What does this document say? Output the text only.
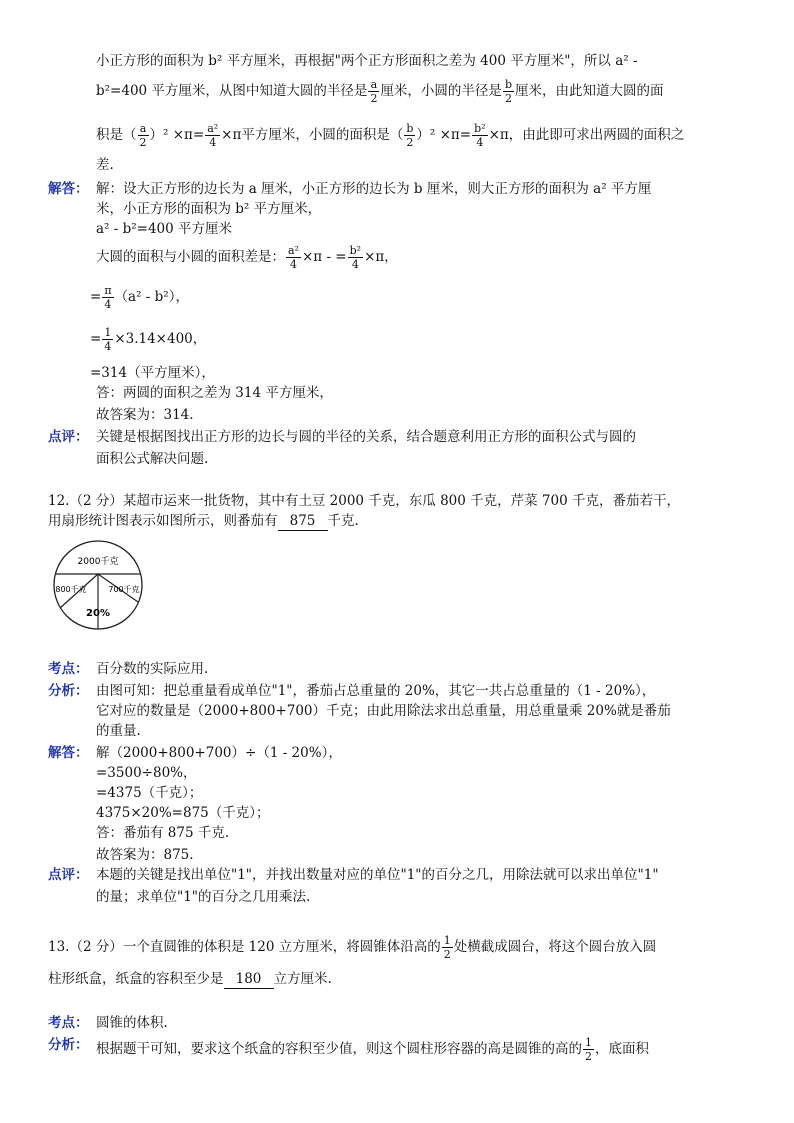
小正方形的面积为 b² 平方厘米，再根据"两个正方形面积之差为 400 平方厘米"，所以 a² -
b²=400 平方厘米，从图中知道大圆的半径是 $\frac{a}{2}$ 厘米，小圆的半径是 $\frac{b}{2}$ 厘米，由此知道大圆的面
积是（ $\frac{a}{2} )^2 \times\pi= \frac{\text{a²}}{4} \times\pi$平方厘米，小圆的面积是（ $\frac{b}{2} )^2 \times\pi= \frac{\text{b²}}{4} \times\pi$，由此即可求出两圆的面积之
差.
解答： 解：设大正方形的边长为 a 厘米，小正方形的边长为 b 厘米，则大正方形的面积为 a² 平方厘
米，小正方形的面积为 b² 平方厘米，
a² - b²=400 平方厘米
大圆的面积与小圆的面积差是： $\frac{\text{a²}}{4} \times\pi$ - = $\frac{\text{b²}}{4} \times\pi$，
= $\frac{\pi}{4} (a^2 - b^2)$，
= $\frac{1}{4} \times 3.14\times 400$，
=314（平方厘米），
答：两圆的面积之差为 314 平方厘米，
故答案为：314.
点评： 关键是根据图找出正方形的边长与圆的半径的关系，结合题意利用正方形的面积公式与圆的
面积公式解决问题.
12.（2 分）某超市运来一批货物，其中有土豆 2000 千克，东瓜 800 千克，芹菜 700 千克，番茄若干，
用扇形统计图表示如图所示，则番茄有 875 千克.
2000千克
800千克	700千克
20%
考点： 百分数的实际应用.
分析： 由图可知：把总重量看成单位"1"，番茄占总重量的 20%，其它一共占总重量的（1 - 20%），
它对应的数量是（2000+800+700）千克；由此用除法求出总重量，用总重量乘 20%就是番茄
的重量.
解答： 解（2000+800+700）÷（1 - 20%），
=3500÷80%，
=4375（千克）；
4375×20%=875（千克）；
答：番茄有 875 千克.
故答案为：875.
点评： 本题的关键是找出单位"1"，并找出数量对应的单位"1"的百分之几，用除法就可以求出单位"1"
的量；求单位"1"的百分之几用乘法.
13.（2 分）一个直圆锥的体积是 120 立方厘米，将圆锥体沿高的 $\frac{1}{2}$ 处横截成圆台，将这个圆台放入圆
柱形纸盒，纸盒的容积至少是 180 立方厘米.
考点： 圆锥的体积.
分析： 根据题干可知，要求这个纸盒的容积至少值，则这个圆柱形容器的高是圆锥的高的 $\frac{1}{2}$ ，底面积
